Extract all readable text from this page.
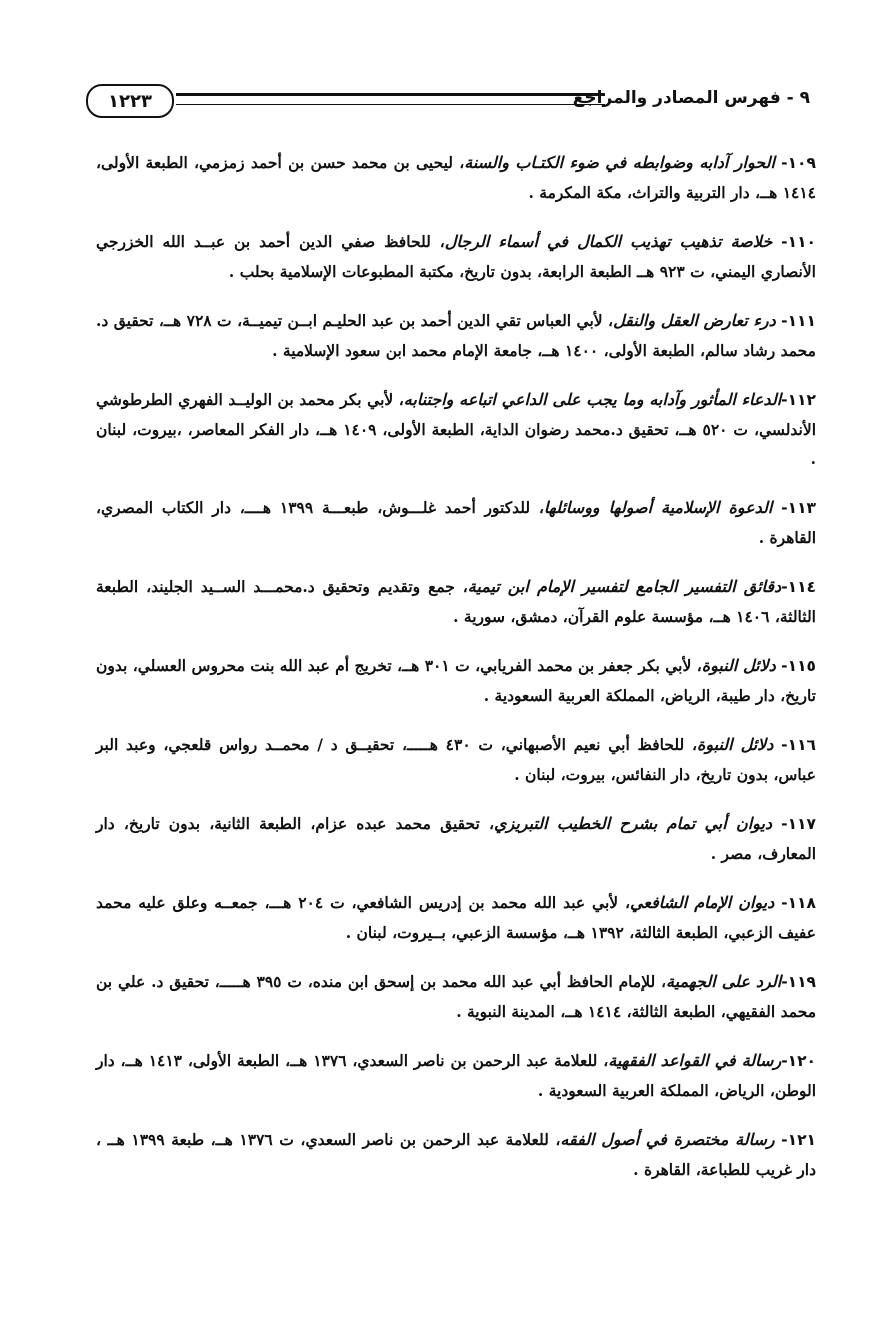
٩ - فهرس المصادر والمراجع
١٢٢٣

١٠٩- الحوار آدابه وضوابطه في ضوء الكتـاب والسنة، ليحيى بن محمد حسن بن أحمد زمزمي، الطبعة الأولى، ١٤١٤ هــ، دار التربية والتراث، مكة المكرمة .

١١٠- خلاصة تذهيب تهذيب الكمال في أسماء الرجال، للحافظ صفي الدين أحمد بن عبــد الله الخزرجي الأنصاري اليمني، ت ٩٢٣ هــ الطبعة الرابعة، بدون تاريخ، مكتبة المطبوعات الإسلامية بحلب .

١١١- درء تعارض العقل والنقل، لأبي العباس تقي الدين أحمد بن عبد الحليـم ابــن تيميــة، ت ٧٢٨ هــ، تحقيق د. محمد رشاد سالم، الطبعة الأولى، ١٤٠٠ هــ، جامعة الإمام محمد ابن سعود الإسلامية .

١١٢-الدعاء المأثور وآدابه وما يجب على الداعي اتباعه واجتنابه، لأبي بكر محمد بن الوليــد الفهري الطرطوشي الأندلسي، ت ٥٢٠ هــ، تحقيق د.محمد رضوان الداية، الطبعة الأولى، ١٤٠٩ هــ، دار الفكر المعاصر، ،بيروت، لبنان .

١١٣- الدعوة الإسلامية أصولها ووسائلها، للدكتور أحمد غلـــوش، طبعـــة ١٣٩٩ هــــ، دار الكتاب المصري، القاهرة .

١١٤-دقائق التفسير الجامع لتفسير الإمام ابن تيمية، جمع وتقديم وتحقيق د.محمـــد الســيد الجليند، الطبعة الثالثة، ١٤٠٦ هــ، مؤسسة علوم القرآن، دمشق، سورية .

١١٥- دلائل النبوة، لأبي بكر جعفر بن محمد الفريابي، ت ٣٠١ هــ، تخريج أم عبد الله بنت محروس العسلي، بدون تاريخ، دار طيبة، الرياض، المملكة العربية السعودية .

١١٦- دلائل النبوة، للحافظ أبي نعيم الأصبهاني، ت ٤٣٠ هـــــ، تحقيــق د / محمــد رواس قلعجي، وعبد البر عباس، بدون تاريخ، دار النفائس، بيروت، لبنان .

١١٧- ديوان أبي تمام بشرح الخطيب التبريزي، تحقيق محمد عبده عزام، الطبعة الثانية، بدون تاريخ، دار المعارف، مصر .

١١٨- ديوان الإمام الشافعي، لأبي عبد الله محمد بن إدريس الشافعي، ت ٢٠٤ هـــ، جمعــه وعلق عليه محمد عفيف الزعبي، الطبعة الثالثة، ١٣٩٢ هــ، مؤسسة الزعبي، بــيروت، لبنان .

١١٩-الرد على الجهمية، للإمام الحافظ أبي عبد الله محمد بن إسحق ابن منده، ت ٣٩٥ هـــــ، تحقيق د. علي بن محمد الفقيهي، الطبعة الثالثة، ١٤١٤ هــ، المدينة النبوية .

١٢٠-رسالة في القواعد الفقهية، للعلامة عبد الرحمن بن ناصر السعدي، ١٣٧٦ هــ، الطبعة الأولى، ١٤١٣ هــ، دار الوطن، الرياض، المملكة العربية السعودية .

١٢١- رسالة مختصرة في أصول الفقه، للعلامة عبد الرحمن بن ناصر السعدي، ت ١٣٧٦ هــ، طبعة ١٣٩٩ هــ ، دار غريب للطباعة، القاهرة .
